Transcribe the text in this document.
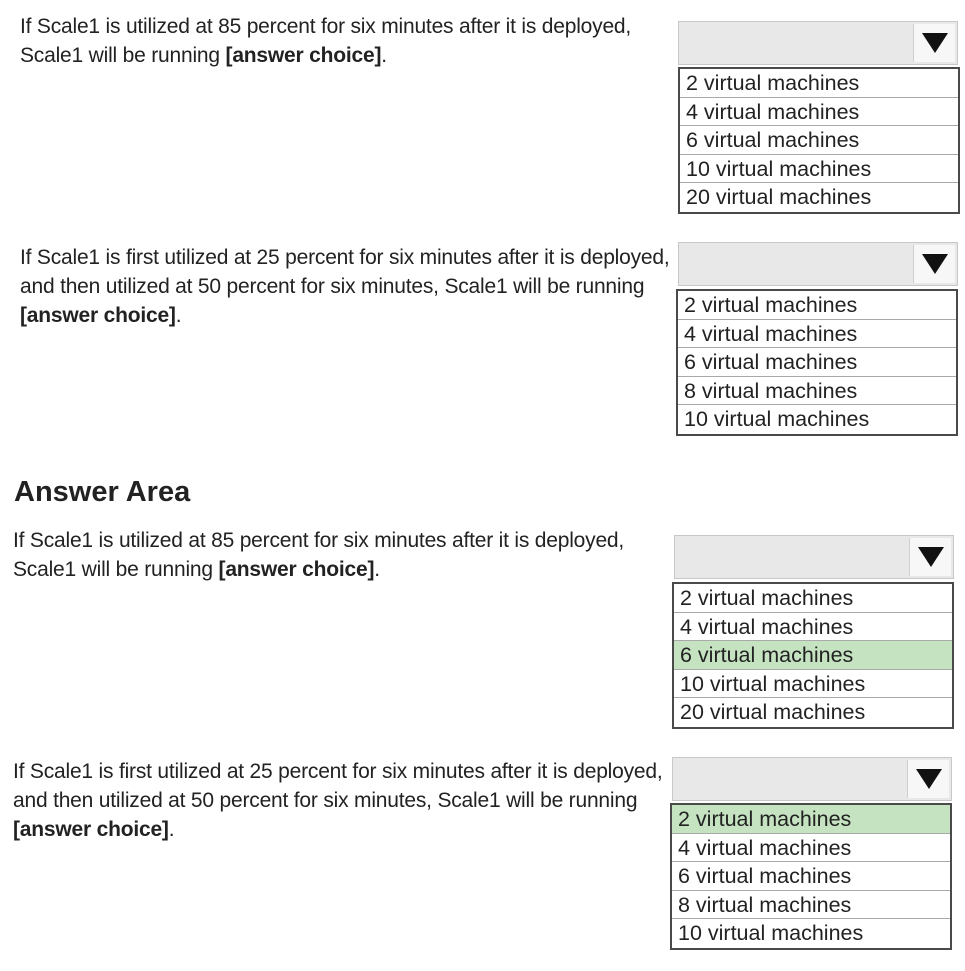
If Scale1 is utilized at 85 percent for six minutes after it is deployed, Scale1 will be running [answer choice].
2 virtual machines
4 virtual machines
6 virtual machines
10 virtual machines
20 virtual machines
If Scale1 is first utilized at 25 percent for six minutes after it is deployed, and then utilized at 50 percent for six minutes, Scale1 will be running [answer choice].	2 virtual machines
4 virtual machines
6 virtual machines
8 virtual machines
10 virtual machines
Answer Area
If Scale1 is utilized at 85 percent for six minutes after it is deployed, Scale1 will be running [answer choice].
2 virtual machines
4 virtual machines
6 virtual machines
10 virtual machines
20 virtual machines
If Scale1 is first utilized at 25 percent for six minutes after it is deployed, and then utilized at 50 percent for six minutes, Scale1 will be running [answer choice].	2 virtual machines
4 virtual machines
6 virtual machines
8 virtual machines
10 virtual machines
